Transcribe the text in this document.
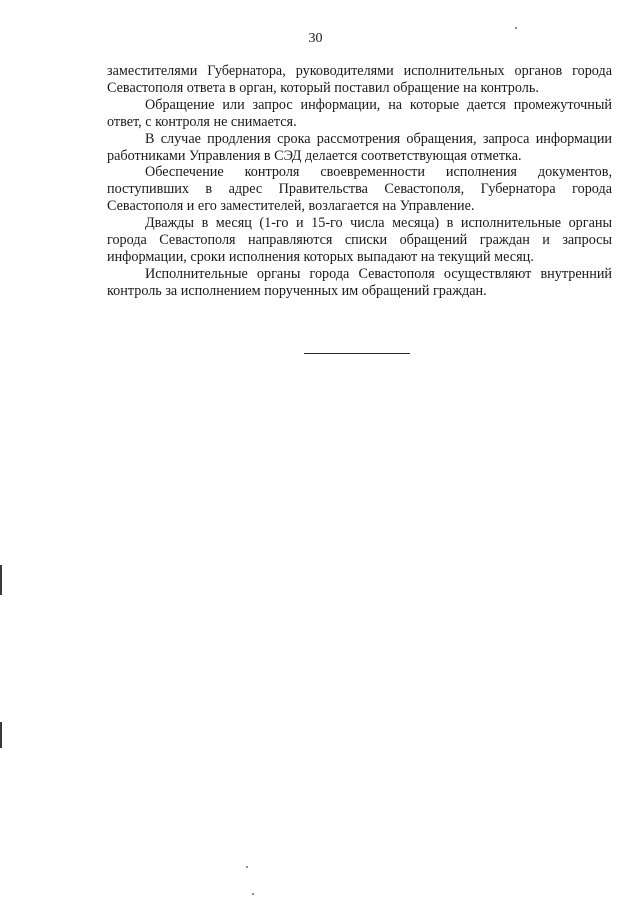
30

заместителями Губернатора, руководителями исполнительных органов города Севастополя ответа в орган, который поставил обращение на контроль.

Обращение или запрос информации, на которые дается промежуточный ответ, с контроля не снимается.

В случае продления срока рассмотрения обращения, запроса информации работниками Управления в СЭД делается соответствующая отметка.

Обеспечение контроля своевременности исполнения документов, поступивших в адрес Правительства Севастополя, Губернатора города Севастополя и его заместителей, возлагается на Управление.

Дважды в месяц (1-го и 15-го числа месяца) в исполнительные органы города Севастополя направляются списки обращений граждан и запросы информации, сроки исполнения которых выпадают на текущий месяц.

Исполнительные органы города Севастополя осуществляют внутренний контроль за исполнением порученных им обращений граждан.
